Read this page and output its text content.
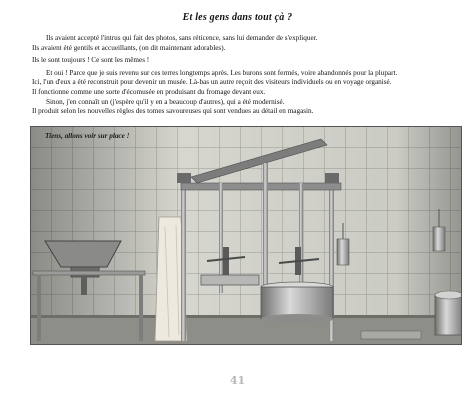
Et les gens dans tout çà ?

Ils avaient accepté l'intrus qui fait des photos, sans réticence, sans lui demander de s'expliquer.

Ils avaient été gentils et accueillants, (on dit maintenant adorables).

Ils le sont toujours ! Ce sont les mêmes !

Et oui ! Parce que je suis revenu sur ces terres longtemps après. Les burons sont fermés, voire abandonnés pour la plupart.

Ici, l'un d'eux a été reconstruit pour devenir un musée. Là-bas un autre reçoit des visiteurs individuels ou en voyage organisé.

Il fonctionne comme une sorte d'écomusée en produisant du fromage devant eux.

Sinon, j'en connaît un (j'espère qu'il y en a beaucoup d'autres), qui a été modernisé.

Il produit selon les nouvelles règles des tomes savoureuses qui sont vendues au détail en magasin.

Tiens, allons voir sur place !
41
